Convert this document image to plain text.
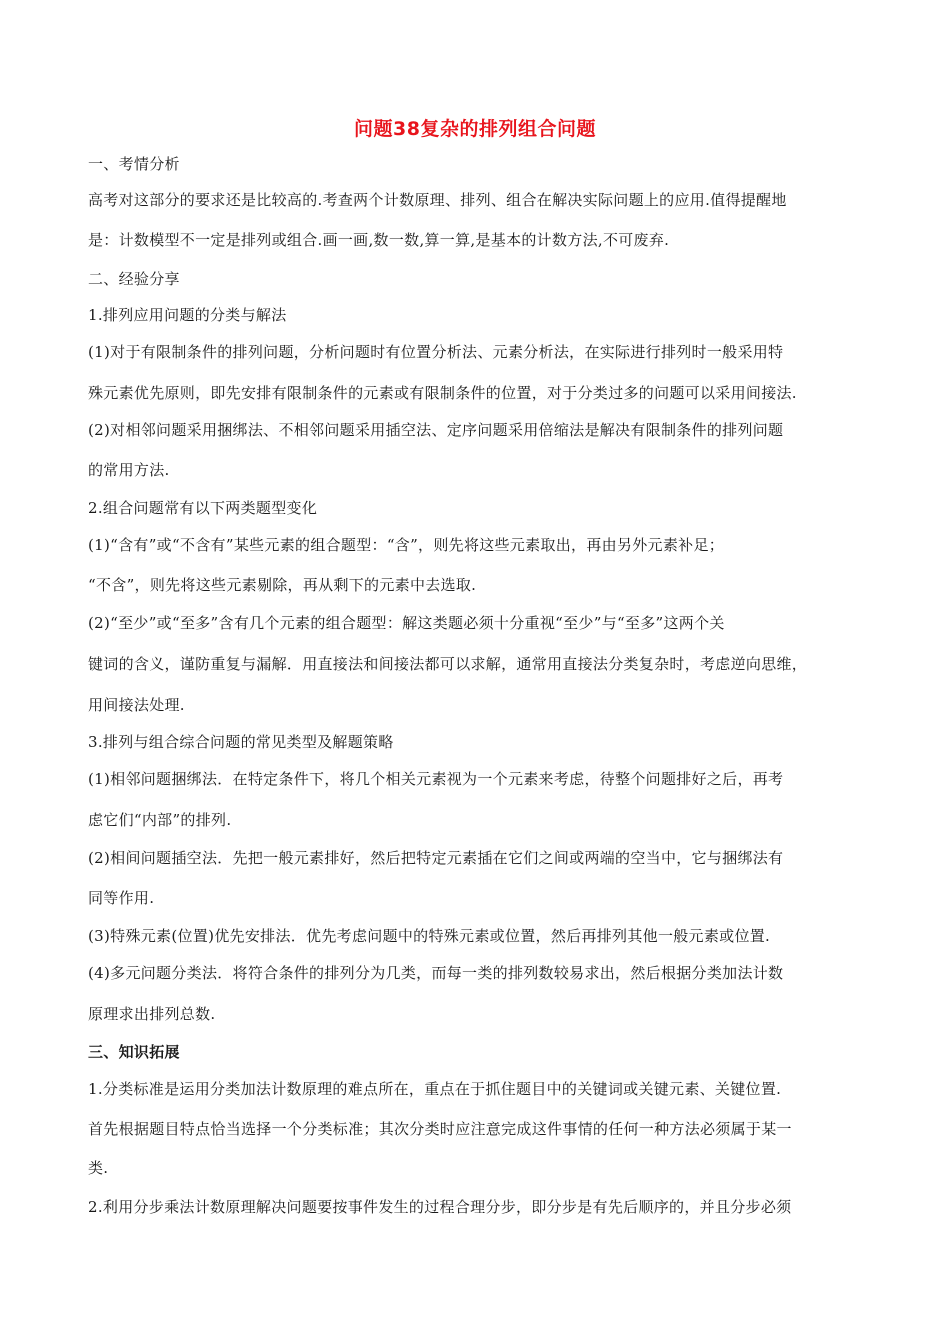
问题38复杂的排列组合问题
一、考情分析
高考对这部分的要求还是比较高的.考查两个计数原理、排列、组合在解决实际问题上的应用.值得提醒地
是：计数模型不一定是排列或组合.画一画,数一数,算一算,是基本的计数方法,不可废弃.
二、经验分享
1.排列应用问题的分类与解法
(1)对于有限制条件的排列问题，分析问题时有位置分析法、元素分析法，在实际进行排列时一般采用特
殊元素优先原则，即先安排有限制条件的元素或有限制条件的位置，对于分类过多的问题可以采用间接法.
(2)对相邻问题采用捆绑法、不相邻问题采用插空法、定序问题采用倍缩法是解决有限制条件的排列问题
的常用方法.
2.组合问题常有以下两类题型变化
(1)“含有”或“不含有”某些元素的组合题型：“含”，则先将这些元素取出，再由另外元素补足；
“不含”，则先将这些元素剔除，再从剩下的元素中去选取.
(2)“至少”或“至多”含有几个元素的组合题型：解这类题必须十分重视“至少”与“至多”这两个关
键词的含义，谨防重复与漏解．用直接法和间接法都可以求解，通常用直接法分类复杂时，考虑逆向思维，
用间接法处理.
3.排列与组合综合问题的常见类型及解题策略
(1)相邻问题捆绑法．在特定条件下，将几个相关元素视为一个元素来考虑，待整个问题排好之后，再考
虑它们“内部”的排列.
(2)相间问题插空法．先把一般元素排好，然后把特定元素插在它们之间或两端的空当中，它与捆绑法有
同等作用.
(3)特殊元素(位置)优先安排法．优先考虑问题中的特殊元素或位置，然后再排列其他一般元素或位置.
(4)多元问题分类法．将符合条件的排列分为几类，而每一类的排列数较易求出，然后根据分类加法计数
原理求出排列总数.
三、知识拓展
1.分类标准是运用分类加法计数原理的难点所在，重点在于抓住题目中的关键词或关键元素、关键位置.
首先根据题目特点恰当选择一个分类标准；其次分类时应注意完成这件事情的任何一种方法必须属于某一
类.
2.利用分步乘法计数原理解决问题要按事件发生的过程合理分步，即分步是有先后顺序的，并且分步必须
